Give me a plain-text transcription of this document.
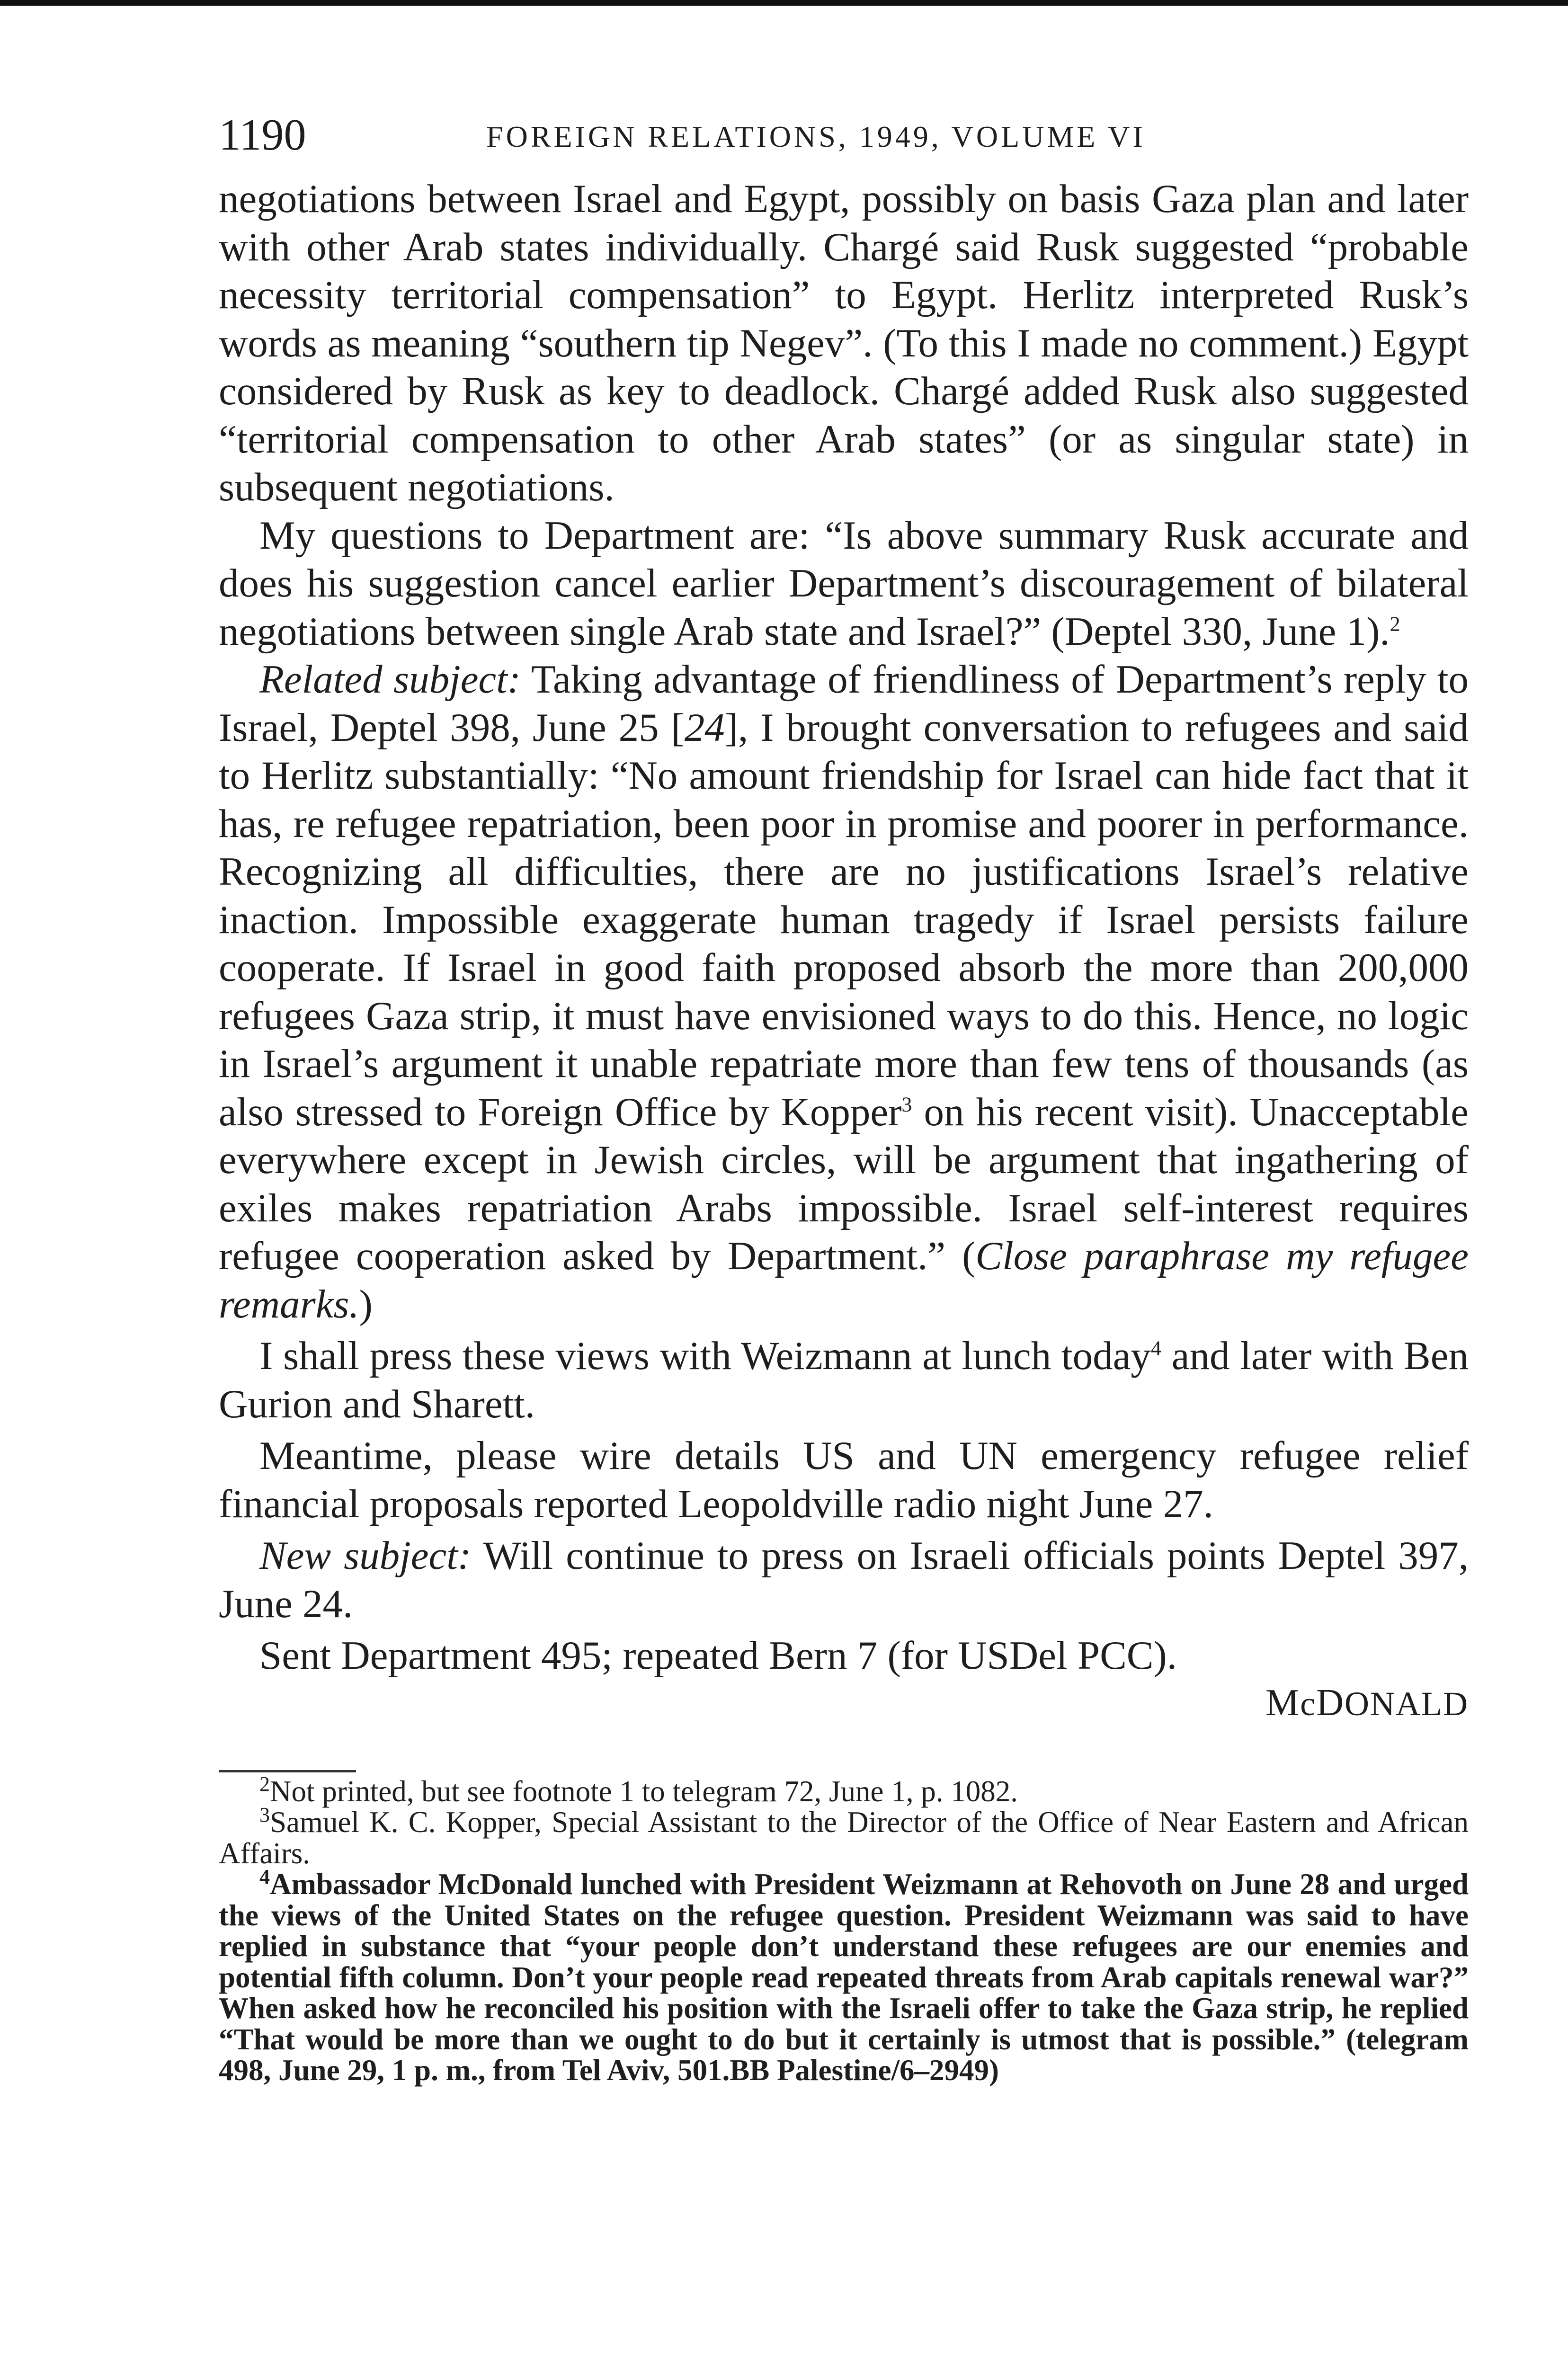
1190	FOREIGN RELATIONS, 1949, VOLUME VI

negotiations between Israel and Egypt, possibly on basis Gaza plan and later with other Arab states individually. Chargé said Rusk suggested “probable necessity territorial compensation” to Egypt. Herlitz interpreted Rusk’s words as meaning “southern tip Negev”. (To this I made no comment.) Egypt considered by Rusk as key to deadlock. Chargé added Rusk also suggested “territorial compensation to other Arab states” (or as singular state) in subsequent negotiations.

My questions to Department are: “Is above summary Rusk accurate and does his suggestion cancel earlier Department’s discouragement of bilateral negotiations between single Arab state and Israel?” (Deptel 330, June 1).$^2$

Related subject: Taking advantage of friendliness of Department’s reply to Israel, Deptel 398, June 25 [24], I brought conversation to refugees and said to Herlitz substantially: “No amount friendship for Israel can hide fact that it has, re refugee repatriation, been poor in promise and poorer in performance. Recognizing all difficulties, there are no justifications Israel’s relative inaction. Impossible exaggerate human tragedy if Israel persists failure cooperate. If Israel in good faith proposed absorb the more than 200,000 refugees Gaza strip, it must have envisioned ways to do this. Hence, no logic in Israel’s argument it unable repatriate more than few tens of thousands (as also stressed to Foreign Office by Kopper$^3$ on his recent visit). Unacceptable everywhere except in Jewish circles, will be argument that ingathering of exiles makes repatriation Arabs impossible. Israel self-interest requires refugee cooperation asked by Department.” (Close paraphrase my refugee remarks.)

I shall press these views with Weizmann at lunch today$^4$ and later with Ben Gurion and Sharett.

Meantime, please wire details US and UN emergency refugee relief financial proposals reported Leopoldville radio night June 27.

New subject: Will continue to press on Israeli officials points Deptel 397, June 24.

Sent Department 495; repeated Bern 7 (for USDel PCC).

McDONALD

$^2$Not printed, but see footnote 1 to telegram 72, June 1, p. 1082.

$^3$Samuel K. C. Kopper, Special Assistant to the Director of the Office of Near Eastern and African Affairs.

$^4$Ambassador McDonald lunched with President Weizmann at Rehovoth on June 28 and urged the views of the United States on the refugee question. President Weizmann was said to have replied in substance that “your people don’t understand these refugees are our enemies and potential fifth column. Don’t your people read repeated threats from Arab capitals renewal war?” When asked how he reconciled his position with the Israeli offer to take the Gaza strip, he replied “That would be more than we ought to do but it certainly is utmost that is possible.” (telegram 498, June 29, 1 p. m., from Tel Aviv, 501.BB Palestine/6–2949)
